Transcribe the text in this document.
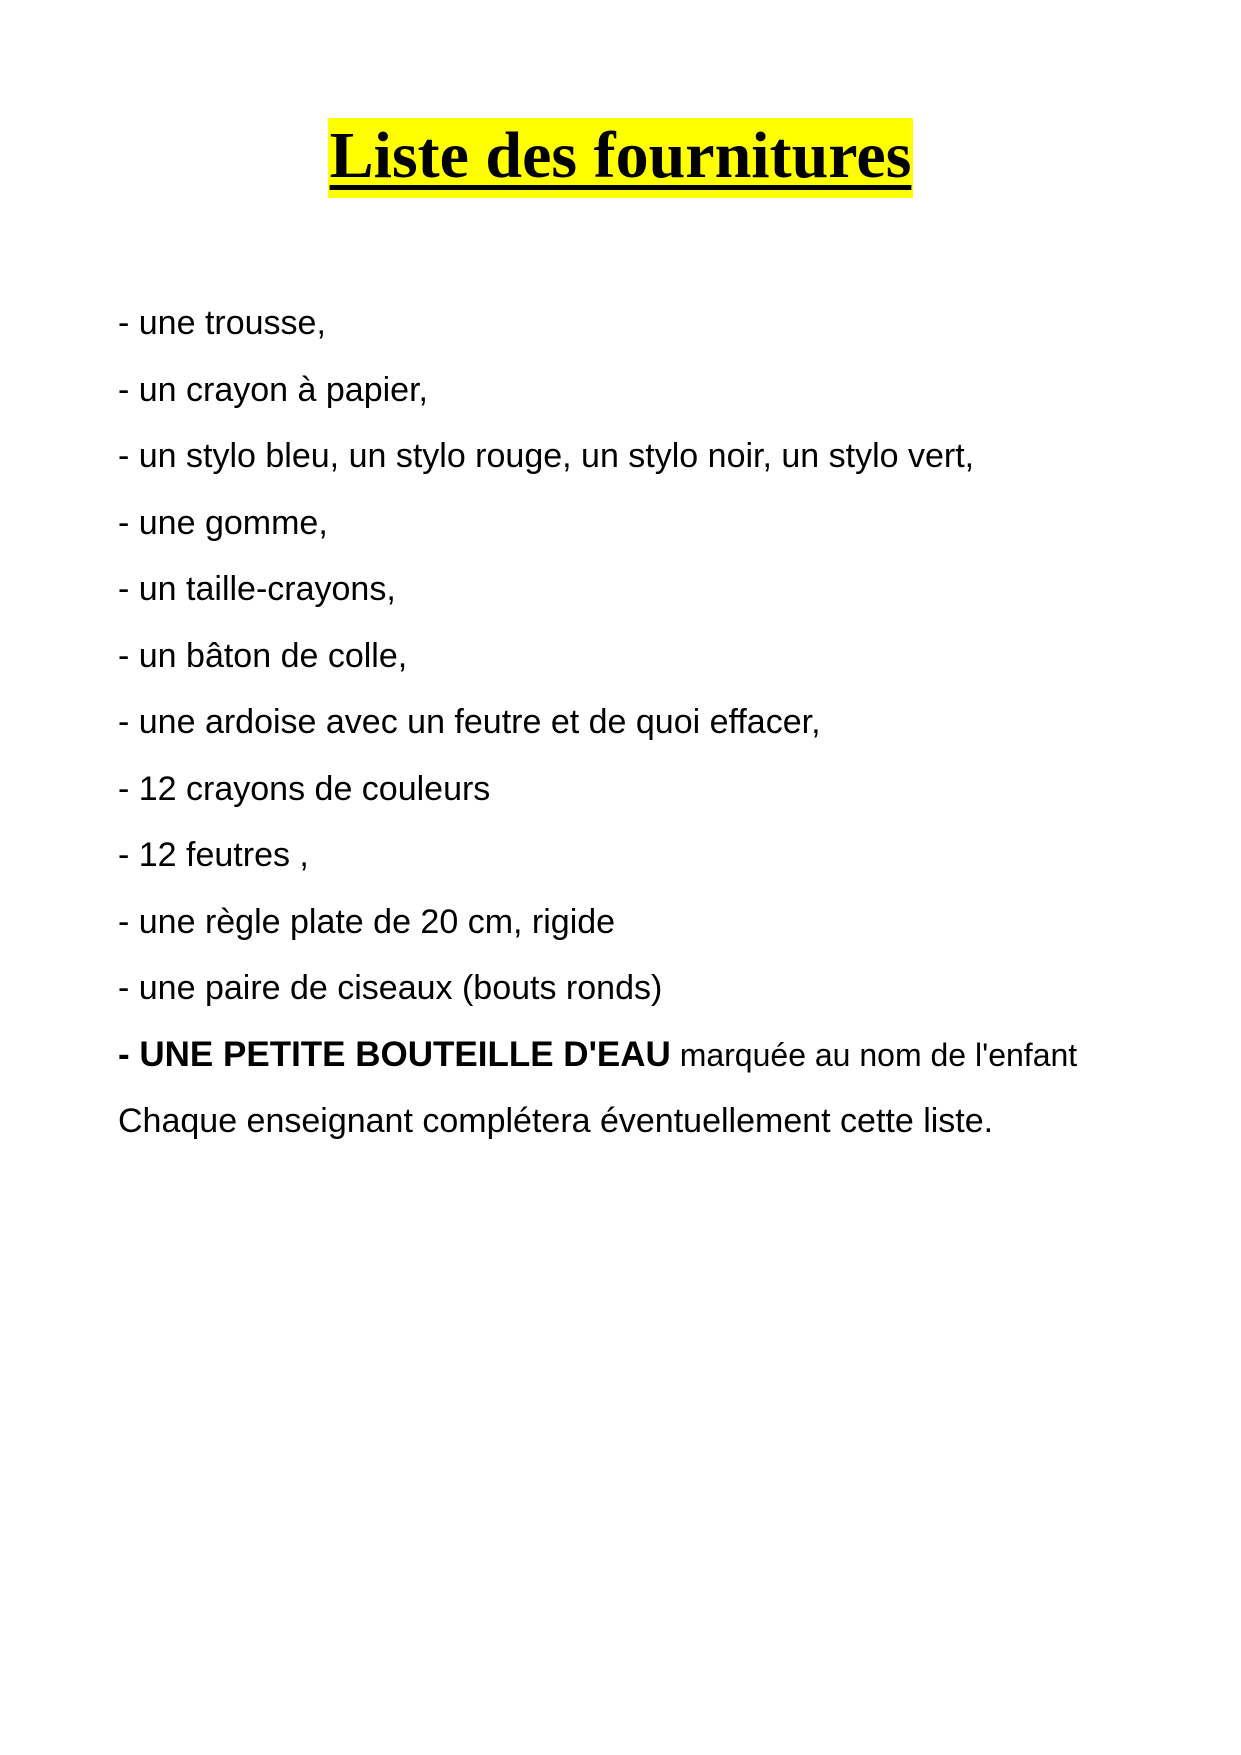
Liste des fournitures
- une trousse,
- un crayon à papier,
- un stylo bleu, un stylo rouge, un stylo noir, un stylo vert,
- une gomme,
- un taille-crayons,
- un bâton de colle,
- une ardoise avec un feutre et de quoi effacer,
- 12 crayons de couleurs
- 12 feutres ,
- une règle plate de 20 cm, rigide
- une paire de ciseaux (bouts ronds)
- UNE PETITE BOUTEILLE D'EAU marquée au nom de l'enfant
Chaque enseignant complétera éventuellement cette liste.
